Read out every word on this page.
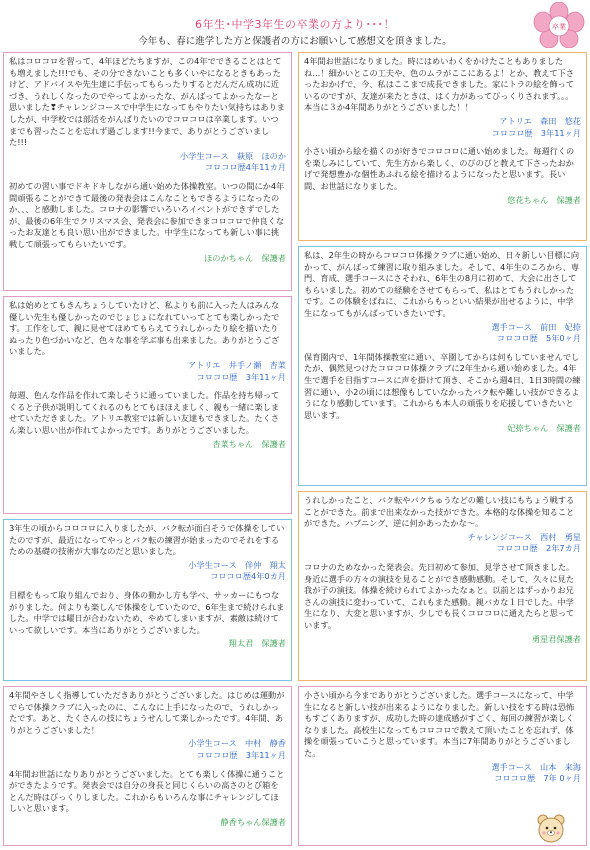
6年生･中学3年生の卒業の方より･･･！
今年も、春に進学した方と保護者の方にお願いして感想文を頂きました。
卒業

私はコロコロを習って、4年ほどたちますが、この4年でできることはとても増えました!!!でも、その分できないことも多くいやになるときもあったけど、アドバイスや先生達に手伝ってもらったりするとだんだん成功に近づき、うれしくなったのでやってよかったな、がんばってよかったなーと思いました❣チャレンジコースで中学生になってもやりたい気持ちはありましたが、中学校では部活をがんばりたいのでコロコロは卒業します。いつまでも習ったことを忘れず過ごします!!今まで、ありがとうございました!!!

小学生コース　萩原　ほのか

コロコロ歴4年11カ月

初めての習い事でドキドキしながら通い始めた体操教室。いつの間にか4年間頑張ることができて最後の発表会はこんなこともできるようになったのか、、、と感動しました。コロナの影響でいろいろイベントができずでしたが、最後の6年生でクリスマス会、発表会に参加できまコロコロで仲良くなったお友達とも良い思い出ができました。中学生になっても新しい事に挑戦して頑張ってもらいたいです。

ほのかちゃん　保護者

私は始めとてもきんちょうしていたけど、私よりも前に入った人はみんな優しい先生も優しかったのでじょじょになれていってとても楽しかったです。工作をして、親に見せてほめてもらえてうれしかったり絵を描いたりぬったり色づかいなど、色々な事を学ぶ事も出来ました。ありがとうございました。

アトリエ　井手ノ瀬　杏菜

コロコロ歴　3年11ヶ月

毎週、色んな作品を作れて楽しそうに通っていました。作品を持ち帰ってくると子供が説明してくれるのもとてもほほえましく、親も一緒に楽しませていただきました。アトリエ教室では新しい友達もできました。たくさん楽しい思い出が作れてよかったです。ありがとうございました。

杏菜ちゃん　保護者

3年生の頃からコロコロに入りましたが、バク転が面白そうで体操をしていたのですが、最近になってやっとバク転の練習が始まったのでそれをするための基礎の技術が大事なのだと思いました。

小学生コース　伴仲　翔太

コロコロ歴4年0カ月

目標をもって取り組んでおり、身体の動かし方も学べ、サッカーにもつながりました。何よりも楽しんで体操をしていたので、6年生まで続けられました。中学では曜日が合わないため、やめてしまいますが、素敵は続けていって欲しいです。本当にありがとうございました。

翔太君　保護者

4年間やさしく指導していただきありがとうございました。はじめは運動がでらで体操クラブに入ったのに、こんなに上手になったので、うれしかったです。あと、たくさんの技にちょうせんして楽しかったです。4年間、ありがとうございました！

小学生コース　中村　静香

コロコロ歴　3年11ヶ月

4年間お世話になりありがとうございました。とても楽しく体操に通うことができたようです。発表会では自分の身長と同じくらいの高さのとび箱をとんだ時はびっくりしました。これからもいろんな事にチャレンジしてほしいと思います。

静香ちゃん保護者

4年間お世話になりました。時にはめいわくをかけたこともありましたね…！細かいとこの工夫や、色のムラがここにあるよ！とか、教えて下さったおかげで、今、私はここまで成長できました。家にトラの絵を飾っているのですが、友達が来たときは、はく力があってびっくりされます。。。本当に３か4年間ありがとうございました！！

アトリエ　森田　悠花

コロコロ歴　3年11ヶ月

小さい頃から絵を描くのが好きでコロコロに通い始めました。毎週行くのを楽しみにしていて、先生方から楽しく、のびのびと教えて下さったおかげで発想豊かな個性あふれる絵を描けるようになったと思います。長い間、お世話になりました。

悠花ちゃん　保護者

私は、2年生の時からコロコロ体操クラブに通い始め、日々新しい目標に向かって、がんばって練習に取り組みました。そして、4年生のころから、専門、育成、選手コースにさそわれ、6年生の8月に初めて、大会に出さしてもらいました。初めての経験をさせてもらって、私はとてもうれしかったです。この体験をばねに、これからもっといい結果が出せるように、中学生になってもがんばっていきたいです。

選手コース　前田　妃捺

コロコロ歴　5年0ヶ月

保育園内で、1年間体操教室に通い、卒園してからは何もしていませんでしたが、偶然見つけたコロコロ体操クラブに2年生から通い始めました。4年生で選手を目指すコースに声を掛けて頂き、そこから週4日、1日3時間の練習に通い、小2の頃には想像もしていなかったバク転や難しい技ができるようになり感動しています。これからも本人の頑張りを応援していきたいと思います。

妃捺ちゃん　保護者

うれしかったこと、バク転やバクちゅうなどの難しい技にもちょう戦することができた。前まで出来なかった技ができた。本格的な体操を知ることができた。ハプニング、逆に何かあったかな～。

チャレンジコース　西村　勇星

コロコロ歴　2年7カ月

コロナのためなかった発表会。先日初めて参加、見学させて頂きました。身近に選手の方々の演技を見ることができ感動感動。そして、久々に見た我が子の演技。体操を続けられてよかったなぁと。以前とはずっかりお兄さんの演技に変わっていて、これもまた感動。親バカな１日でした。中学生になり、大変と思いますが、少しでも長くコロコロに通えたらと思っています。

勇星君保護者

小さい頃から今までありがとうございました。選手コースになって、中学生になると新しい技が出来るようになりました。新しい技をする時は恐怖もすごくありますが、成功した時の達成感がすごく、毎回の練習が楽しくなりました。高校生になってもコロコロで教えて頂いたことを忘れず、体操を頑張っていこうと思っています。本当に7年間ありがとうございました。

選手コース　山本　来海

コロコロ歴　7年 0ヶ月
